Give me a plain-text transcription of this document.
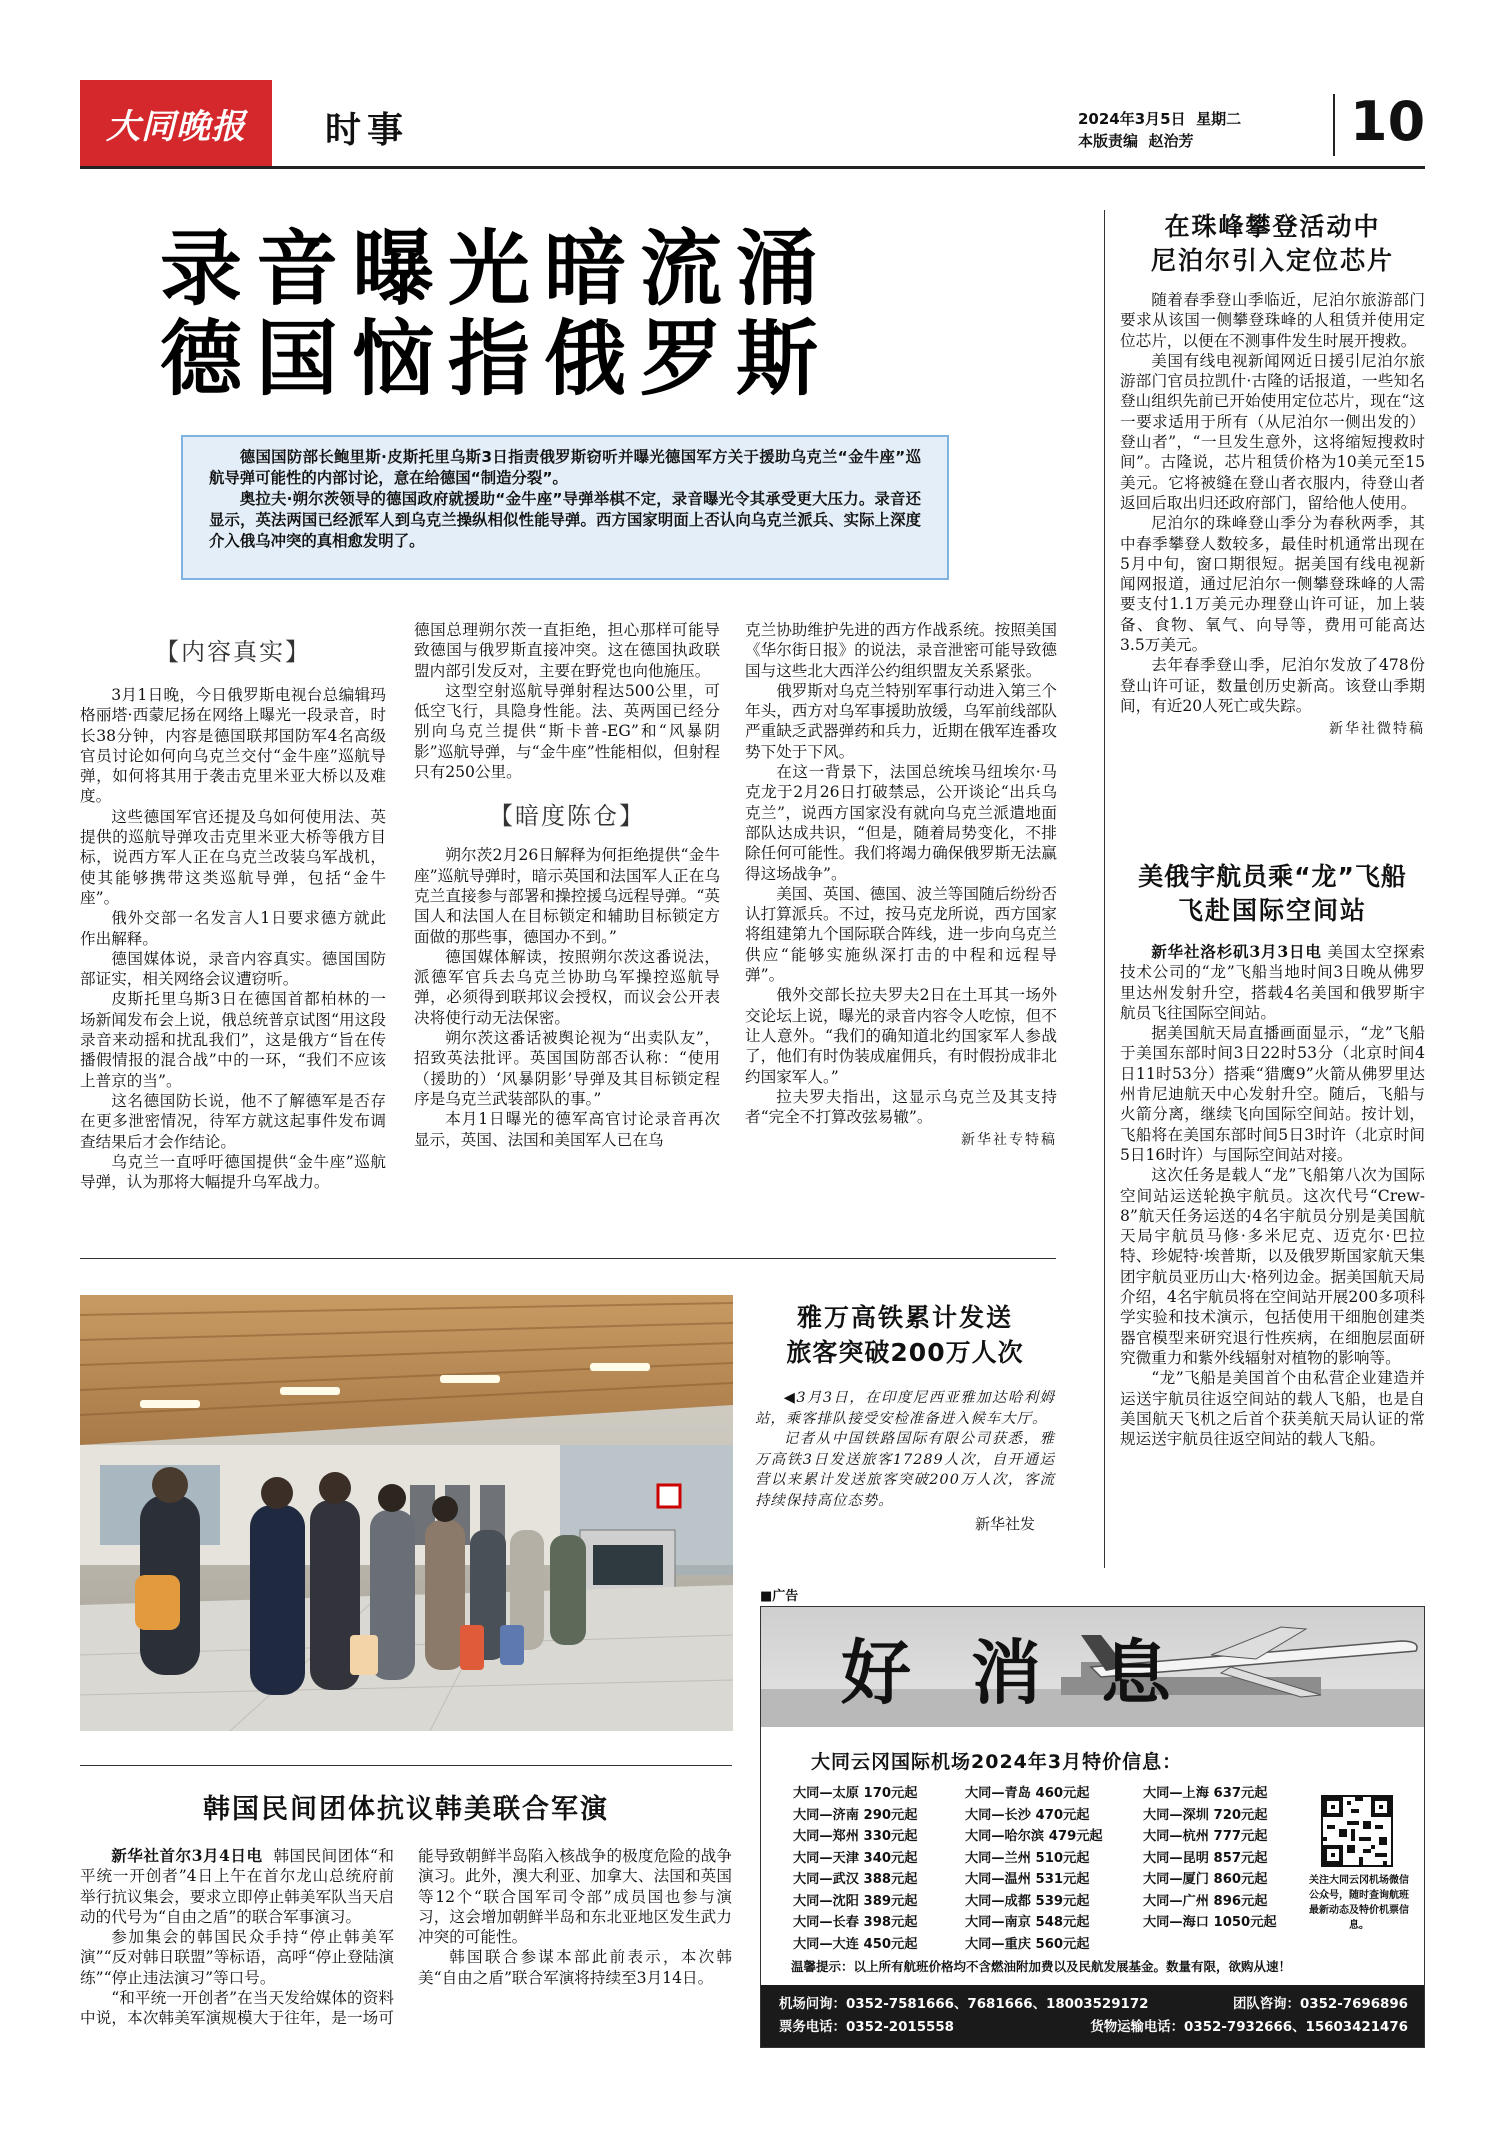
大同晚报 时事	2024年3月5日  星期二
本版责编  赵治芳	10
录音曝光暗流涌
德国恼指俄罗斯

德国国防部长鲍里斯·皮斯托里乌斯3日指责俄罗斯窃听并曝光德国军方关于援助乌克兰“金牛座”巡航导弹可能性的内部讨论，意在给德国“制造分裂”。

奥拉夫·朔尔茨领导的德国政府就援助“金牛座”导弹举棋不定，录音曝光令其承受更大压力。录音还显示，英法两国已经派军人到乌克兰操纵相似性能导弹。西方国家明面上否认向乌克兰派兵、实际上深度介入俄乌冲突的真相愈发明了。

【内容真实】

3月1日晚，今日俄罗斯电视台总编辑玛格丽塔·西蒙尼扬在网络上曝光一段录音，时长38分钟，内容是德国联邦国防军4名高级官员讨论如何向乌克兰交付“金牛座”巡航导弹，如何将其用于袭击克里米亚大桥以及难度。

这些德国军官还提及乌如何使用法、英提供的巡航导弹攻击克里米亚大桥等俄方目标，说西方军人正在乌克兰改装乌军战机，使其能够携带这类巡航导弹，包括“金牛座”。

俄外交部一名发言人1日要求德方就此作出解释。

德国媒体说，录音内容真实。德国国防部证实，相关网络会议遭窃听。

皮斯托里乌斯3日在德国首都柏林的一场新闻发布会上说，俄总统普京试图“用这段录音来动摇和扰乱我们”，这是俄方“旨在传播假情报的混合战”中的一环，“我们不应该上普京的当”。

这名德国防长说，他不了解德军是否存在更多泄密情况，待军方就这起事件发布调查结果后才会作结论。

乌克兰一直呼吁德国提供“金牛座”巡航导弹，认为那将大幅提升乌军战力。

德国总理朔尔茨一直拒绝，担心那样可能导致德国与俄罗斯直接冲突。这在德国执政联盟内部引发反对，主要在野党也向他施压。

这型空射巡航导弹射程达500公里，可低空飞行，具隐身性能。法、英两国已经分别向乌克兰提供“斯卡普-EG”和“风暴阴影”巡航导弹，与“金牛座”性能相似，但射程只有250公里。

【暗度陈仓】

朔尔茨2月26日解释为何拒绝提供“金牛座”巡航导弹时，暗示英国和法国军人正在乌克兰直接参与部署和操控援乌远程导弹。“英国人和法国人在目标锁定和辅助目标锁定方面做的那些事，德国办不到。”

德国媒体解读，按照朔尔茨这番说法，派德军官兵去乌克兰协助乌军操控巡航导弹，必须得到联邦议会授权，而议会公开表决将使行动无法保密。

朔尔茨这番话被舆论视为“出卖队友”，招致英法批评。英国国防部否认称：“使用（援助的）‘风暴阴影’导弹及其目标锁定程序是乌克兰武装部队的事。”

本月1日曝光的德军高官讨论录音再次显示，英国、法国和美国军人已在乌

克兰协助维护先进的西方作战系统。按照美国《华尔街日报》的说法，录音泄密可能导致德国与这些北大西洋公约组织盟友关系紧张。

俄罗斯对乌克兰特别军事行动进入第三个年头，西方对乌军事援助放缓，乌军前线部队严重缺乏武器弹药和兵力，近期在俄军连番攻势下处于下风。

在这一背景下，法国总统埃马纽埃尔·马克龙于2月26日打破禁忌，公开谈论“出兵乌克兰”，说西方国家没有就向乌克兰派遣地面部队达成共识，“但是，随着局势变化，不排除任何可能性。我们将竭力确保俄罗斯无法赢得这场战争”。

美国、英国、德国、波兰等国随后纷纷否认打算派兵。不过，按马克龙所说，西方国家将组建第九个国际联合阵线，进一步向乌克兰供应“能够实施纵深打击的中程和远程导弹”。

俄外交部长拉夫罗夫2日在土耳其一场外交论坛上说，曝光的录音内容令人吃惊，但不让人意外。“我们的确知道北约国家军人参战了，他们有时伪装成雇佣兵，有时假扮成非北约国家军人。”

拉夫罗夫指出，这显示乌克兰及其支持者“完全不打算改弦易辙”。

新华社专特稿
在珠峰攀登活动中
尼泊尔引入定位芯片

随着春季登山季临近，尼泊尔旅游部门要求从该国一侧攀登珠峰的人租赁并使用定位芯片，以便在不测事件发生时展开搜救。

美国有线电视新闻网近日援引尼泊尔旅游部门官员拉凯什·古隆的话报道，一些知名登山组织先前已开始使用定位芯片，现在“这一要求适用于所有（从尼泊尔一侧出发的）登山者”，“一旦发生意外，这将缩短搜救时间”。古隆说，芯片租赁价格为10美元至15美元。它将被缝在登山者衣服内，待登山者返回后取出归还政府部门，留给他人使用。

尼泊尔的珠峰登山季分为春秋两季，其中春季攀登人数较多，最佳时机通常出现在5月中旬，窗口期很短。据美国有线电视新闻网报道，通过尼泊尔一侧攀登珠峰的人需要支付1.1万美元办理登山许可证，加上装备、食物、氧气、向导等，费用可能高达3.5万美元。

去年春季登山季，尼泊尔发放了478份登山许可证，数量创历史新高。该登山季期间，有近20人死亡或失踪。

新华社微特稿
美俄宇航员乘“龙”飞船
飞赴国际空间站

新华社洛杉矶3月3日电 美国太空探索技术公司的“龙”飞船当地时间3日晚从佛罗里达州发射升空，搭载4名美国和俄罗斯宇航员飞往国际空间站。

据美国航天局直播画面显示，“龙”飞船于美国东部时间3日22时53分（北京时间4日11时53分）搭乘“猎鹰9”火箭从佛罗里达州肯尼迪航天中心发射升空。随后，飞船与火箭分离，继续飞向国际空间站。按计划，飞船将在美国东部时间5日3时许（北京时间5日16时许）与国际空间站对接。

这次任务是载人“龙”飞船第八次为国际空间站运送轮换宇航员。这次代号“Crew-8”航天任务运送的4名宇航员分别是美国航天局宇航员马修·多米尼克、迈克尔·巴拉特、珍妮特·埃普斯，以及俄罗斯国家航天集团宇航员亚历山大·格列边金。据美国航天局介绍，4名宇航员将在空间站开展200多项科学实验和技术演示，包括使用干细胞创建类器官模型来研究退行性疾病，在细胞层面研究微重力和紫外线辐射对植物的影响等。

“龙”飞船是美国首个由私营企业建造并运送宇航员往返空间站的载人飞船，也是自美国航天飞机之后首个获美航天局认证的常规运送宇航员往返空间站的载人飞船。

雅万高铁累计发送
旅客突破200万人次

◀3月3日，在印度尼西亚雅加达哈利姆站，乘客排队接受安检准备进入候车大厅。

记者从中国铁路国际有限公司获悉，雅万高铁3日发送旅客17289人次，自开通运营以来累计发送旅客突破200万人次，客流持续保持高位态势。

新华社发
韩国民间团体抗议韩美联合军演

新华社首尔3月4日电 韩国民间团体“和平统一开创者”4日上午在首尔龙山总统府前举行抗议集会，要求立即停止韩美军队当天启动的代号为“自由之盾”的联合军事演习。

参加集会的韩国民众手持“停止韩美军演”“反对韩日联盟”等标语，高呼“停止登陆演练”“停止违法演习”等口号。

“和平统一开创者”在当天发给媒体的资料中说，本次韩美军演规模大于往年，是一场可能导致朝鲜半岛陷入核战争的极度危险的战争演习。此外，澳大利亚、加拿大、法国和英国等12个“联合国军司令部”成员国也参与演习，这会增加朝鲜半岛和东北亚地区发生武力冲突的可能性。

韩国联合参谋本部此前表示，本次韩美“自由之盾”联合军演将持续至3月14日。

■广告
好 消 息
大同云冈国际机场2024年3月特价信息：
大同—太原 170元起	大同—青岛 460元起	大同—上海 637元起
大同—济南 290元起	大同—长沙 470元起	大同—深圳 720元起
大同—郑州 330元起	大同—哈尔滨 479元起	大同—杭州 777元起
大同—天津 340元起	大同—兰州 510元起	大同—昆明 857元起
大同—武汉 388元起	大同—温州 531元起	大同—厦门 860元起
大同—沈阳 389元起	大同—成都 539元起	大同—广州 896元起
大同—长春 398元起	大同—南京 548元起	大同—海口 1050元起
大同—大连 450元起	大同—重庆 560元起
关注大同云冈机场微信公众号，随时查询航班最新动态及特价机票信息。
温馨提示：以上所有航班价格均不含燃油附加费以及民航发展基金。数量有限，欲购从速！
机场问询：0352-7581666、7681666、18003529172	团队咨询：0352-7696896
票务电话：0352-2015558	货物运输电话：0352-7932666、15603421476
